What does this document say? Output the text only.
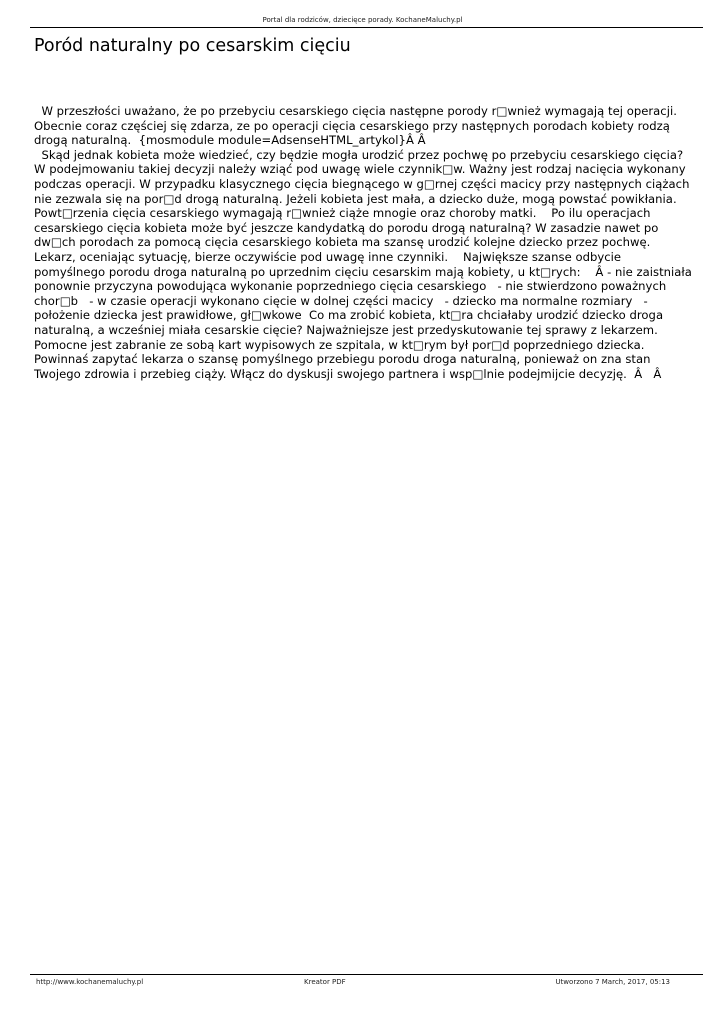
Portal dla rodziców, dziecięce porady. KochaneMaluchy.pl
Poród naturalny po cesarskim cięciu
W przeszłości uważano, że po przebyciu cesarskiego cięcia następne porody r□wnież wymagają tej operacji. Obecnie coraz częściej się zdarza, ze po operacji cięcia cesarskiego przy następnych porodach kobiety rodzą drogą naturalną.  {mosmodule module=AdsenseHTML_artykol}Â Â
Skąd jednak kobieta może wiedzieć, czy będzie mogła urodzić przez pochwę po przebyciu cesarskiego cięcia? W podejmowaniu takiej decyzji należy wziąć pod uwagę wiele czynnik□w. Ważny jest rodzaj nacięcia wykonany podczas operacji. W przypadku klasycznego cięcia biegnącego w g□rnej części macicy przy następnych ciążach nie zezwala się na por□d drogą naturalną. Jeżeli kobieta jest mała, a dziecko duże, mogą powstać powikłania. Powt□rzenia cięcia cesarskiego wymagają r□wnież ciąże mnogie oraz choroby matki.    Po ilu operacjach cesarskiego cięcia kobieta może być jeszcze kandydatką do porodu drogą naturalną? W zasadzie nawet po dw□ch porodach za pomocą cięcia cesarskiego kobieta ma szansę urodzić kolejne dziecko przez pochwę. Lekarz, oceniając sytuację, bierze oczywiście pod uwagę inne czynniki.    Największe szanse odbycie pomyślnego porodu droga naturalną po uprzednim cięciu cesarskim mają kobiety, u kt□rych:    Â - nie zaistniała ponownie przyczyna powodująca wykonanie poprzedniego cięcia cesarskiego   - nie stwierdzono poważnych chor□b   - w czasie operacji wykonano cięcie w dolnej części macicy   - dziecko ma normalne rozmiary   - położenie dziecka jest prawidłowe, gł□wkowe  Co ma zrobić kobieta, kt□ra chciałaby urodzić dziecko droga naturalną, a wcześniej miała cesarskie cięcie? Najważniejsze jest przedyskutowanie tej sprawy z lekarzem. Pomocne jest zabranie ze sobą kart wypisowych ze szpitala, w kt□rym był por□d poprzedniego dziecka. Powinnaś zapytać lekarza o szansę pomyślnego przebiegu porodu droga naturalną, ponieważ on zna stan Twojego zdrowia i przebieg ciąży. Włącz do dyskusji swojego partnera i wsp□lnie podejmijcie decyzję.  Â   Â
http://www.kochanemaluchy.pl	Kreator PDF	Utworzono 7 March, 2017, 05:13
